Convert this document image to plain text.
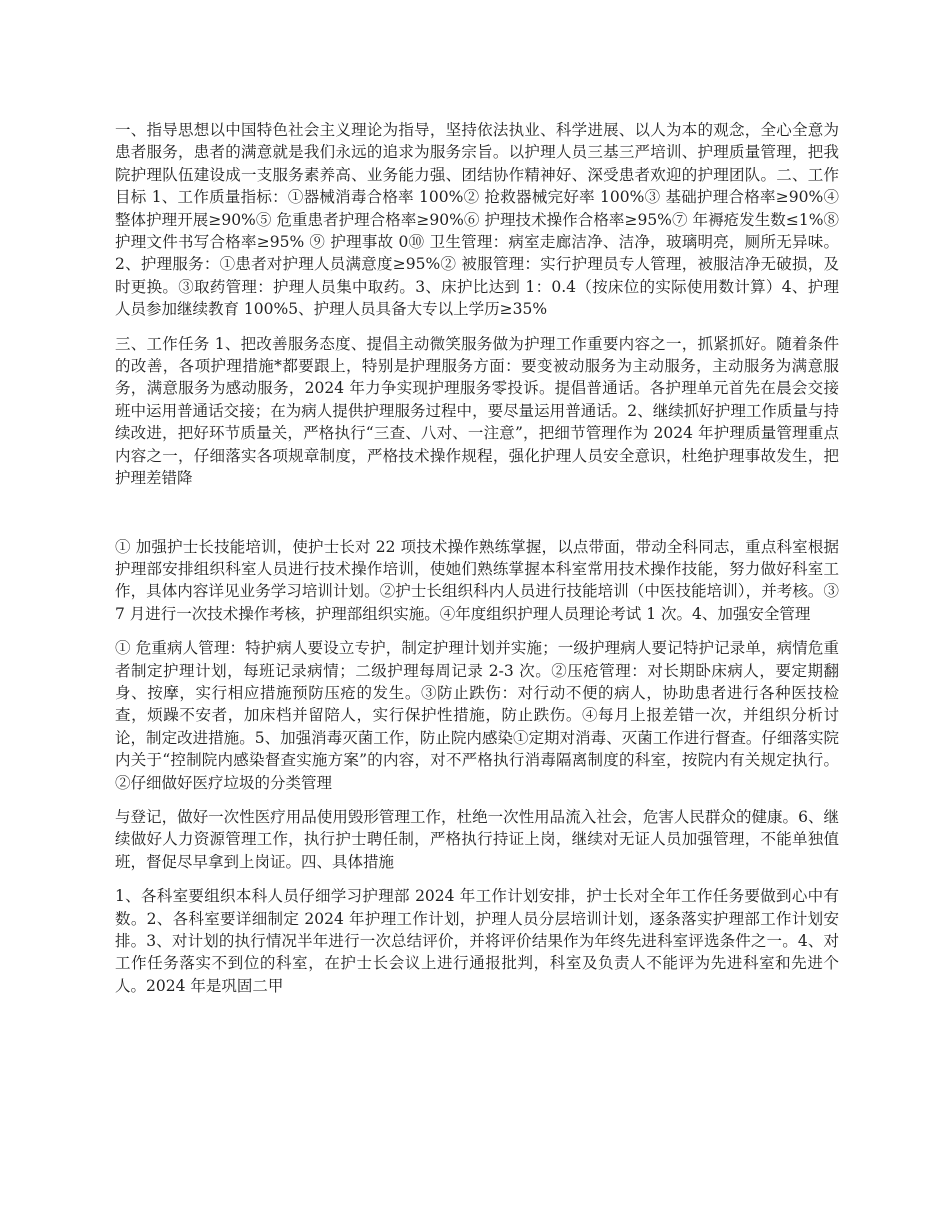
一、指导思想以中国特色社会主义理论为指导，坚持依法执业、科学进展、以人为本的观念，全心全意为患者服务，患者的满意就是我们永远的追求为服务宗旨。以护理人员三基三严培训、护理质量管理，把我院护理队伍建设成一支服务素养高、业务能力强、团结协作精神好、深受患者欢迎的护理团队。二、工作目标 1、工作质量指标：①器械消毒合格率 100%② 抢救器械完好率 100%③ 基础护理合格率≥90%④ 整体护理开展≥90%⑤ 危重患者护理合格率≥90%⑥ 护理技术操作合格率≥95%⑦ 年褥疮发生数≤1%⑧ 护理文件书写合格率≥95% ⑨ 护理事故 0⑩ 卫生管理：病室走廊洁净、洁净，玻璃明亮，厕所无异味。2、护理服务：①患者对护理人员满意度≥95%② 被服管理：实行护理员专人管理，被服洁净无破损，及时更换。③取药管理：护理人员集中取药。3、床护比达到 1：0.4（按床位的实际使用数计算）4、护理人员参加继续教育 100%5、护理人员具备大专以上学历≥35%

三、工作任务 1、把改善服务态度、提倡主动微笑服务做为护理工作重要内容之一，抓紧抓好。随着条件的改善，各项护理措施*都要跟上，特别是护理服务方面：要变被动服务为主动服务，主动服务为满意服务，满意服务为感动服务，2024 年力争实现护理服务零投诉。提倡普通话。各护理单元首先在晨会交接班中运用普通话交接；在为病人提供护理服务过程中，要尽量运用普通话。2、继续抓好护理工作质量与持续改进，把好环节质量关，严格执行“三查、八对、一注意”，把细节管理作为 2024 年护理质量管理重点内容之一，仔细落实各项规章制度，严格技术操作规程，强化护理人员安全意识，杜绝护理事故发生，把护理差错降

① 加强护士长技能培训，使护士长对 22 项技术操作熟练掌握，以点带面，带动全科同志，重点科室根据护理部安排组织科室人员进行技术操作培训，使她们熟练掌握本科室常用技术操作技能，努力做好科室工作，具体内容详见业务学习培训计划。②护士长组织科内人员进行技能培训（中医技能培训），并考核。③ 7 月进行一次技术操作考核，护理部组织实施。④年度组织护理人员理论考试 1 次。4、加强安全管理

① 危重病人管理：特护病人要设立专护，制定护理计划并实施；一级护理病人要记特护记录单，病情危重者制定护理计划，每班记录病情；二级护理每周记录 2-3 次。②压疮管理：对长期卧床病人，要定期翻身、按摩，实行相应措施预防压疮的发生。③防止跌伤：对行动不便的病人，协助患者进行各种医技检查，烦躁不安者，加床档并留陪人，实行保护性措施，防止跌伤。④每月上报差错一次，并组织分析讨论，制定改进措施。5、加强消毒灭菌工作，防止院内感染①定期对消毒、灭菌工作进行督查。仔细落实院内关于“控制院内感染督查实施方案”的内容，对不严格执行消毒隔离制度的科室，按院内有关规定执行。②仔细做好医疗垃圾的分类管理

与登记，做好一次性医疗用品使用毁形管理工作，杜绝一次性用品流入社会，危害人民群众的健康。6、继续做好人力资源管理工作，执行护士聘任制，严格执行持证上岗，继续对无证人员加强管理，不能单独值班，督促尽早拿到上岗证。四、具体措施

1、各科室要组织本科人员仔细学习护理部 2024 年工作计划安排，护士长对全年工作任务要做到心中有数。2、各科室要详细制定 2024 年护理工作计划，护理人员分层培训计划，逐条落实护理部工作计划安排。3、对计划的执行情况半年进行一次总结评价，并将评价结果作为年终先进科室评选条件之一。4、对工作任务落实不到位的科室，在护士长会议上进行通报批判，科室及负责人不能评为先进科室和先进个人。2024 年是巩固二甲
